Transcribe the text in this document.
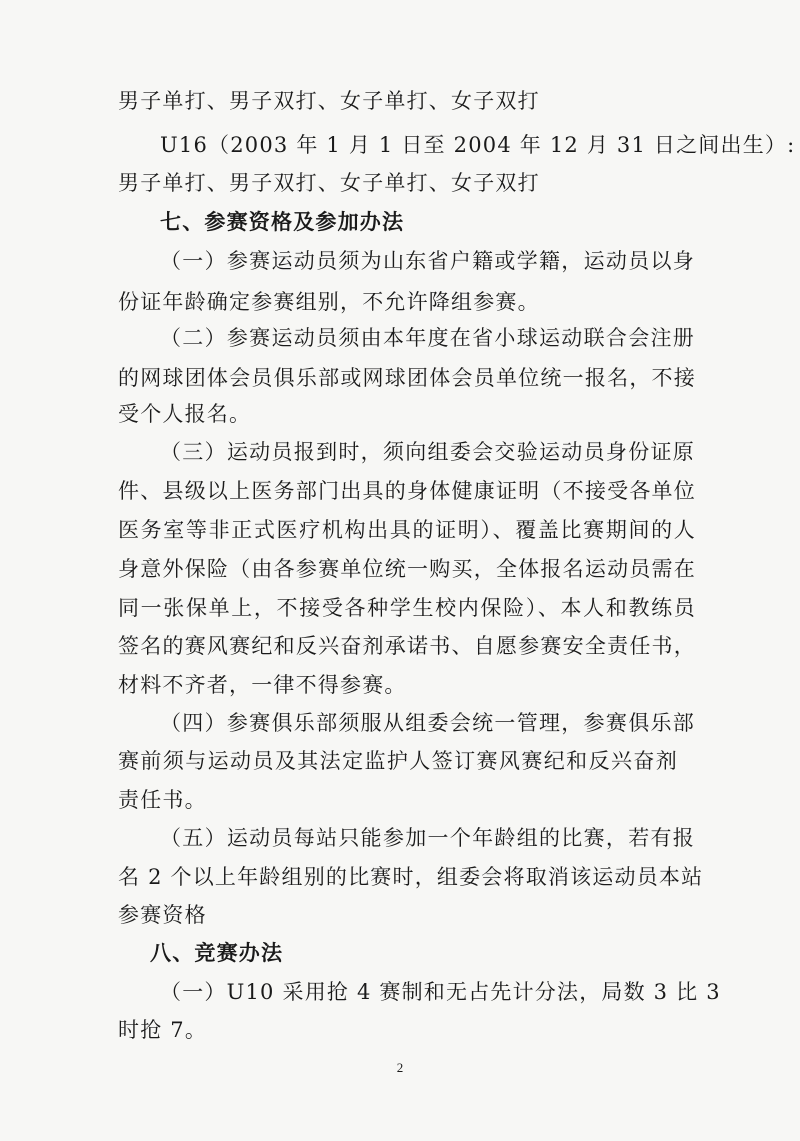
男子单打、男子双打、女子单打、女子双打
U16（2003 年 1 月 1 日至 2004 年 12 月 31 日之间出生）:
男子单打、男子双打、女子单打、女子双打
七、参赛资格及参加办法
（一）参赛运动员须为山东省户籍或学籍，运动员以身
份证年龄确定参赛组别，不允许降组参赛。
（二）参赛运动员须由本年度在省小球运动联合会注册
的网球团体会员俱乐部或网球团体会员单位统一报名，不接
受个人报名。
（三）运动员报到时，须向组委会交验运动员身份证原
件、县级以上医务部门出具的身体健康证明（不接受各单位
医务室等非正式医疗机构出具的证明）、覆盖比赛期间的人
身意外保险（由各参赛单位统一购买，全体报名运动员需在
同一张保单上，不接受各种学生校内保险）、本人和教练员
签名的赛风赛纪和反兴奋剂承诺书、自愿参赛安全责任书，
材料不齐者，一律不得参赛。
（四）参赛俱乐部须服从组委会统一管理，参赛俱乐部
赛前须与运动员及其法定监护人签订赛风赛纪和反兴奋剂
责任书。
（五）运动员每站只能参加一个年龄组的比赛，若有报
名 2 个以上年龄组别的比赛时，组委会将取消该运动员本站
参赛资格
八、竞赛办法
（一）U10 采用抢 4 赛制和无占先计分法，局数 3 比 3
时抢 7。
2
